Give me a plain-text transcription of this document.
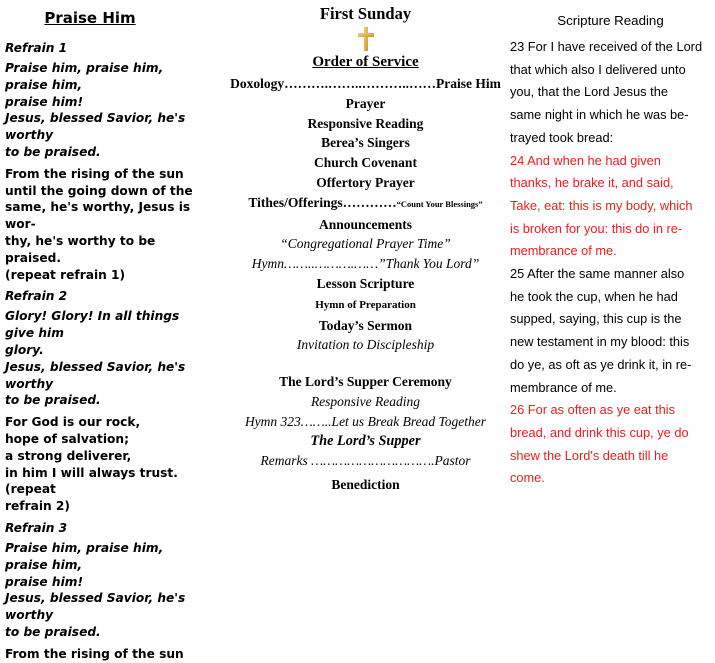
Praise Him
Refrain 1
Praise him, praise him, praise him,
praise him!
Jesus, blessed Savior, he's worthy
to be praised.
From the rising of the sun
until the going down of the
same, he's worthy, Jesus is wor-
thy, he's worthy to be praised.
(repeat refrain 1)
Refrain 2
Glory! Glory! In all things give him
glory.
Jesus, blessed Savior, he's worthy
to be praised.
For God is our rock,
hope of salvation;
a strong deliverer,
in him I will always trust. (repeat
refrain 2)
Refrain 3
Praise him, praise him, praise him,
praise him!
Jesus, blessed Savior, he's worthy
to be praised.
From the rising of the sun
First Sunday
Order of Service
Doxology……….……..………..……Praise Him
Prayer
Responsive Reading
Berea’s Singers
Church Covenant
Offertory Prayer
Tithes/Offerings…………“Count Your Blessings”
Announcements
“Congregational Prayer Time”
Hymn……..……….……”Thank You Lord”
Lesson Scripture
Hymn of Preparation
Today’s Sermon
Invitation to Discipleship
The Lord’s Supper Ceremony
Responsive Reading
Hymn 323……..Let us Break Bread Together
The Lord’s Supper
Remarks ………………………….Pastor
Benediction
Scripture Reading
23 For I have received of the Lord
that which also I delivered unto
you, that the Lord Jesus the
same night in which he was be-
trayed took bread:
24 And when he had given
thanks, he brake it, and said,
Take, eat: this is my body, which
is broken for you: this do in re-
membrance of me.
25 After the same manner also
he took the cup, when he had
supped, saying, this cup is the
new testament in my blood: this
do ye, as oft as ye drink it, in re-
membrance of me.
26 For as often as ye eat this
bread, and drink this cup, ye do
shew the Lord's death till he
come.
